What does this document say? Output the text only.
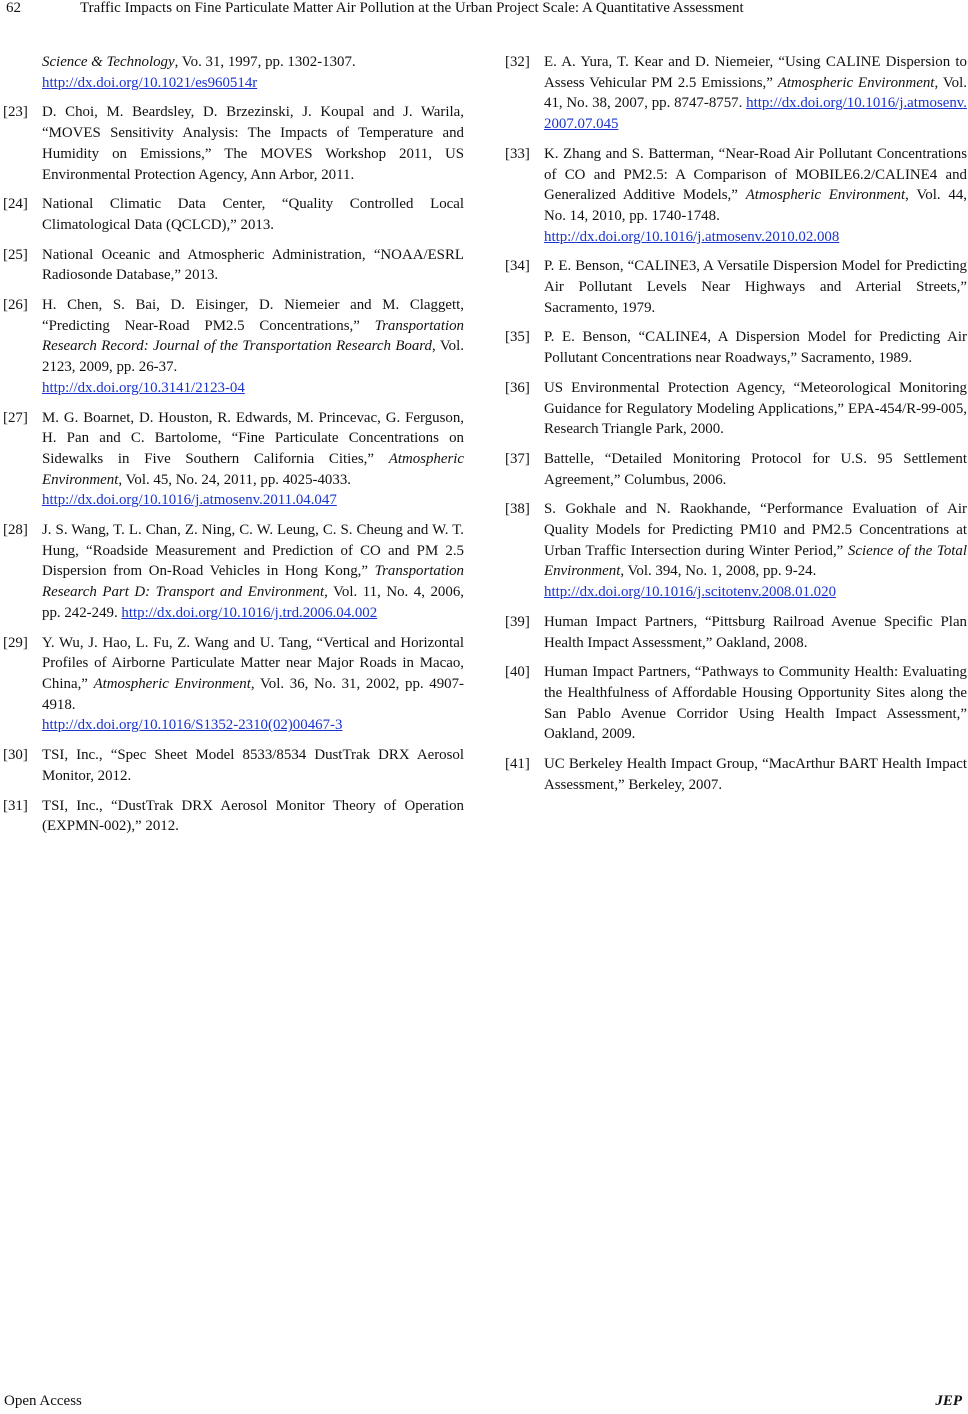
62	Traffic Impacts on Fine Particulate Matter Air Pollution at the Urban Project Scale: A Quantitative Assessment
Science & Technology, Vo. 31, 1997, pp. 1302-1307.
http://dx.doi.org/10.1021/es960514r
[23] D. Choi, M. Beardsley, D. Brzezinski, J. Koupal and J. Warila, “MOVES Sensitivity Analysis: The Impacts of Temperature and Humidity on Emissions,” The MOVES Workshop 2011, US Environmental Protection Agency, Ann Arbor, 2011.
[24] National Climatic Data Center, “Quality Controlled Local Climatological Data (QCLCD),” 2013.
[25] National Oceanic and Atmospheric Administration, “NOAA/ESRL Radiosonde Database,” 2013.
[26] H. Chen, S. Bai, D. Eisinger, D. Niemeier and M. Claggett, “Predicting Near-Road PM2.5 Concentrations,” Transportation Research Record: Journal of the Transportation Research Board, Vol. 2123, 2009, pp. 26-37.
http://dx.doi.org/10.3141/2123-04
[27] M. G. Boarnet, D. Houston, R. Edwards, M. Princevac, G. Ferguson, H. Pan and C. Bartolome, “Fine Particulate Concentrations on Sidewalks in Five Southern California Cities,” Atmospheric Environment, Vol. 45, No. 24, 2011, pp. 4025-4033.
http://dx.doi.org/10.1016/j.atmosenv.2011.04.047
[28] J. S. Wang, T. L. Chan, Z. Ning, C. W. Leung, C. S. Cheung and W. T. Hung, “Roadside Measurement and Prediction of CO and PM 2.5 Dispersion from On-Road Vehicles in Hong Kong,” Transportation Research Part D: Transport and Environment, Vol. 11, No. 4, 2006, pp. 242-249. http://dx.doi.org/10.1016/j.trd.2006.04.002
[29] Y. Wu, J. Hao, L. Fu, Z. Wang and U. Tang, “Vertical and Horizontal Profiles of Airborne Particulate Matter near Major Roads in Macao, China,” Atmospheric Environment, Vol. 36, No. 31, 2002, pp. 4907-4918.
http://dx.doi.org/10.1016/S1352-2310(02)00467-3
[30] TSI, Inc., “Spec Sheet Model 8533/8534 DustTrak DRX Aerosol Monitor, 2012.
[31] TSI, Inc., “DustTrak DRX Aerosol Monitor Theory of Operation (EXPMN-002),” 2012.
[32] E. A. Yura, T. Kear and D. Niemeier, “Using CALINE Dispersion to Assess Vehicular PM 2.5 Emissions,” Atmospheric Environment, Vol. 41, No. 38, 2007, pp. 8747-8757. http://dx.doi.org/10.1016/j.atmosenv.2007.07.045
[33] K. Zhang and S. Batterman, “Near-Road Air Pollutant Concentrations of CO and PM2.5: A Comparison of MOBILE6.2/CALINE4 and Generalized Additive Models,” Atmospheric Environment, Vol. 44, No. 14, 2010, pp. 1740-1748.
http://dx.doi.org/10.1016/j.atmosenv.2010.02.008
[34] P. E. Benson, “CALINE3, A Versatile Dispersion Model for Predicting Air Pollutant Levels Near Highways and Arterial Streets,” Sacramento, 1979.
[35] P. E. Benson, “CALINE4, A Dispersion Model for Predicting Air Pollutant Concentrations near Roadways,” Sacramento, 1989.
[36] US Environmental Protection Agency, “Meteorological Monitoring Guidance for Regulatory Modeling Applications,” EPA-454/R-99-005, Research Triangle Park, 2000.
[37] Battelle, “Detailed Monitoring Protocol for U.S. 95 Settlement Agreement,” Columbus, 2006.
[38] S. Gokhale and N. Raokhande, “Performance Evaluation of Air Quality Models for Predicting PM10 and PM2.5 Concentrations at Urban Traffic Intersection during Winter Period,” Science of the Total Environment, Vol. 394, No. 1, 2008, pp. 9-24.
http://dx.doi.org/10.1016/j.scitotenv.2008.01.020
[39] Human Impact Partners, “Pittsburg Railroad Avenue Specific Plan Health Impact Assessment,” Oakland, 2008.
[40] Human Impact Partners, “Pathways to Community Health: Evaluating the Healthfulness of Affordable Housing Opportunity Sites along the San Pablo Avenue Corridor Using Health Impact Assessment,” Oakland, 2009.
[41] UC Berkeley Health Impact Group, “MacArthur BART Health Impact Assessment,” Berkeley, 2007.
Open Access	JEP
